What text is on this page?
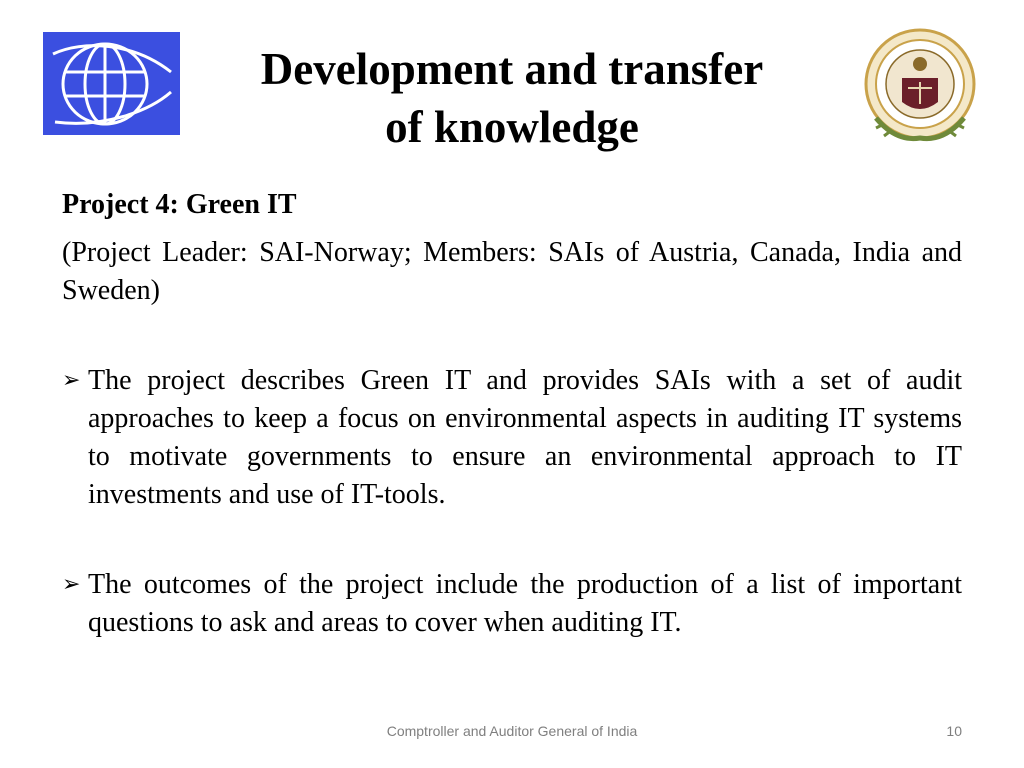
Development and transfer
of knowledge

Project 4: Green IT

(Project Leader: SAI-Norway; Members: SAIs of Austria, Canada, India and Sweden)

➢ The project describes Green IT and provides SAIs with a set of audit approaches to keep a focus on environmental aspects in auditing IT systems to motivate governments to ensure an environmental approach to IT investments and use of IT-tools.
➢ The outcomes of the project include the production of a list of important questions to ask and areas to cover when auditing IT.
Comptroller and Auditor General of India	10
